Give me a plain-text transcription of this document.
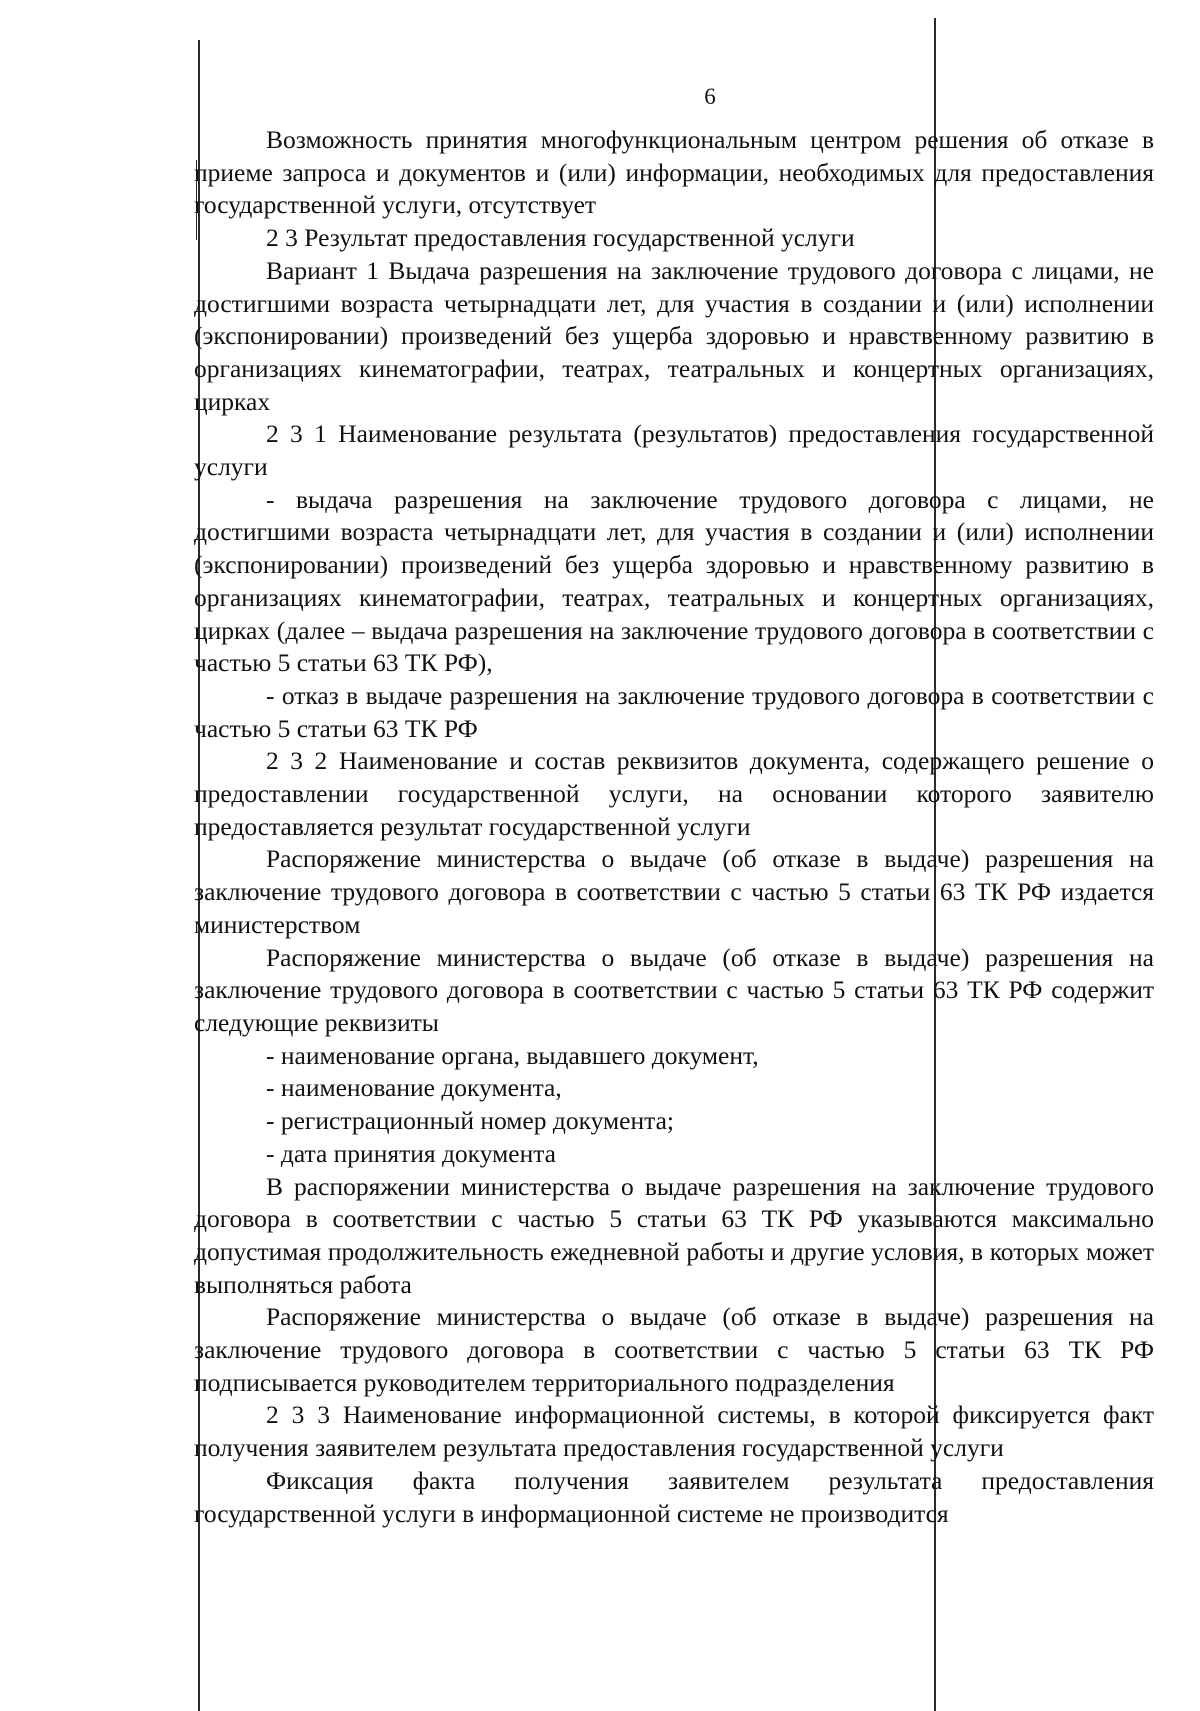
6

Возможность принятия многофункциональным центром решения об отказе в приеме запроса и документов и (или) информации, необходимых для предоставления государственной услуги, отсутствует

2 3 Результат предоставления государственной услуги

Вариант 1 Выдача разрешения на заключение трудового договора с лицами, не достигшими возраста четырнадцати лет, для участия в создании и (или) исполнении (экспонировании) произведений без ущерба здоровью и нравственному развитию в организациях кинематографии, театрах, театральных и концертных организациях, цирках

2 3 1 Наименование результата (результатов) предоставления государственной услуги

- выдача разрешения на заключение трудового договора с лицами, не достигшими возраста четырнадцати лет, для участия в создании и (или) исполнении (экспонировании) произведений без ущерба здоровью и нравственному развитию в организациях кинематографии, театрах, театральных и концертных организациях, цирках (далее – выдача разрешения на заключение трудового договора в соответствии с частью 5 статьи 63 ТК РФ),

- отказ в выдаче разрешения на заключение трудового договора в соответствии с частью 5 статьи 63 ТК РФ

2 3 2 Наименование и состав реквизитов документа, содержащего решение о предоставлении государственной услуги, на основании которого заявителю предоставляется результат государственной услуги

Распоряжение министерства о выдаче (об отказе в выдаче) разрешения на заключение трудового договора в соответствии с частью 5 статьи 63 ТК РФ издается министерством

Распоряжение министерства о выдаче (об отказе в выдаче) разрешения на заключение трудового договора в соответствии с частью 5 статьи 63 ТК РФ содержит следующие реквизиты

- наименование органа, выдавшего документ,

- наименование документа,

- регистрационный номер документа;

- дата принятия документа

В распоряжении министерства о выдаче разрешения на заключение трудового договора в соответствии с частью 5 статьи 63 ТК РФ указываются максимально допустимая продолжительность ежедневной работы и другие условия, в которых может выполняться работа

Распоряжение министерства о выдаче (об отказе в выдаче) разрешения на заключение трудового договора в соответствии с частью 5 статьи 63 ТК РФ подписывается руководителем территориального подразделения

2 3 3 Наименование информационной системы, в которой фиксируется факт получения заявителем результата предоставления государственной услуги

Фиксация факта получения заявителем результата предоставления государственной услуги в информационной системе не производится
